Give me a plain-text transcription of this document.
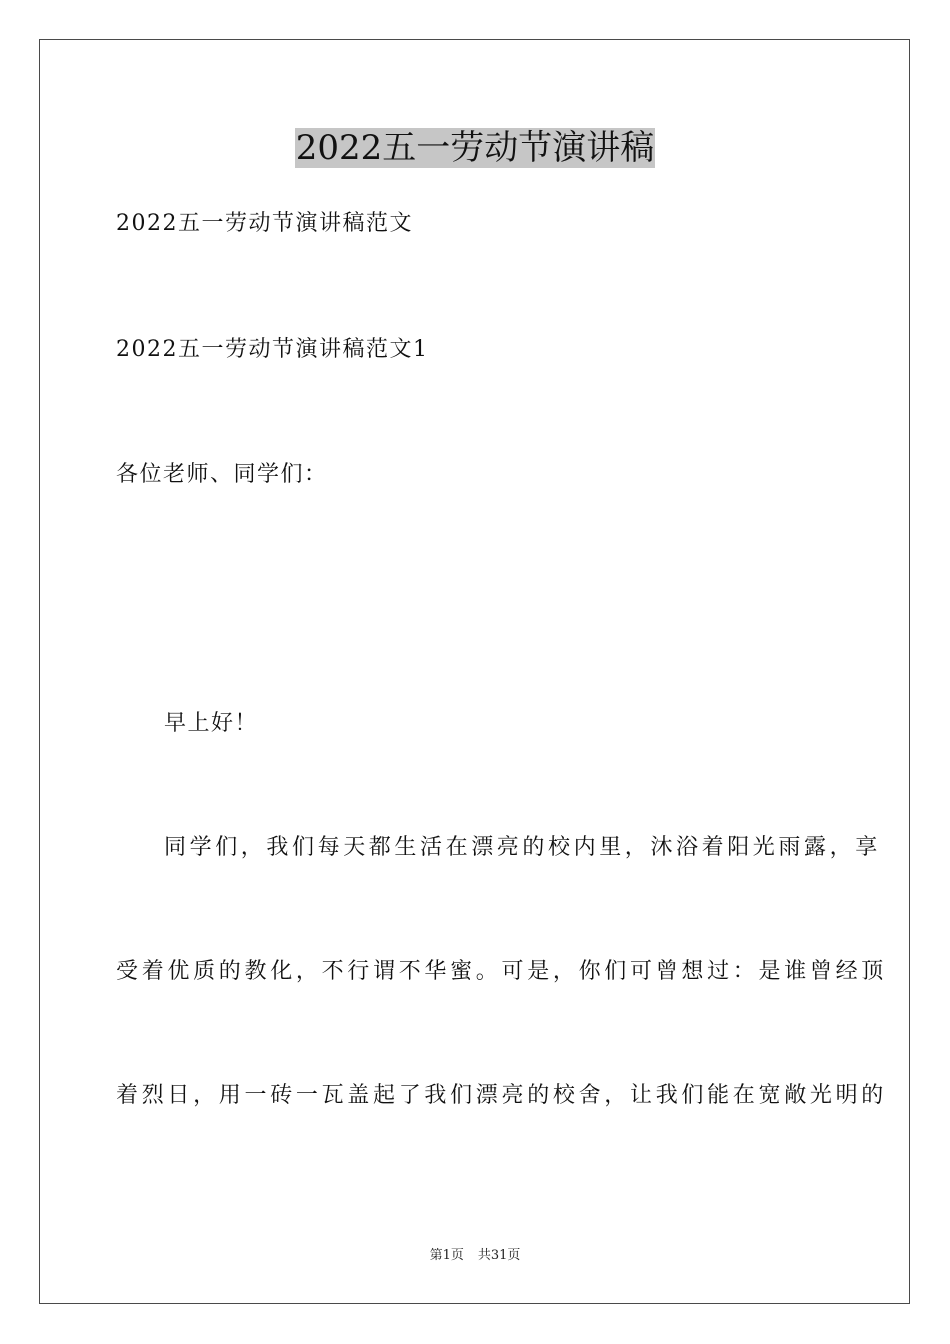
2022五一劳动节演讲稿
2022五一劳动节演讲稿范文
2022五一劳动节演讲稿范文1
各位老师、同学们：
早上好！
同学们，我们每天都生活在漂亮的校内里，沐浴着阳光雨露，享
受着优质的教化，不行谓不华蜜。可是，你们可曾想过：是谁曾经顶
着烈日，用一砖一瓦盖起了我们漂亮的校舍，让我们能在宽敞光明的
第1页 共31页
